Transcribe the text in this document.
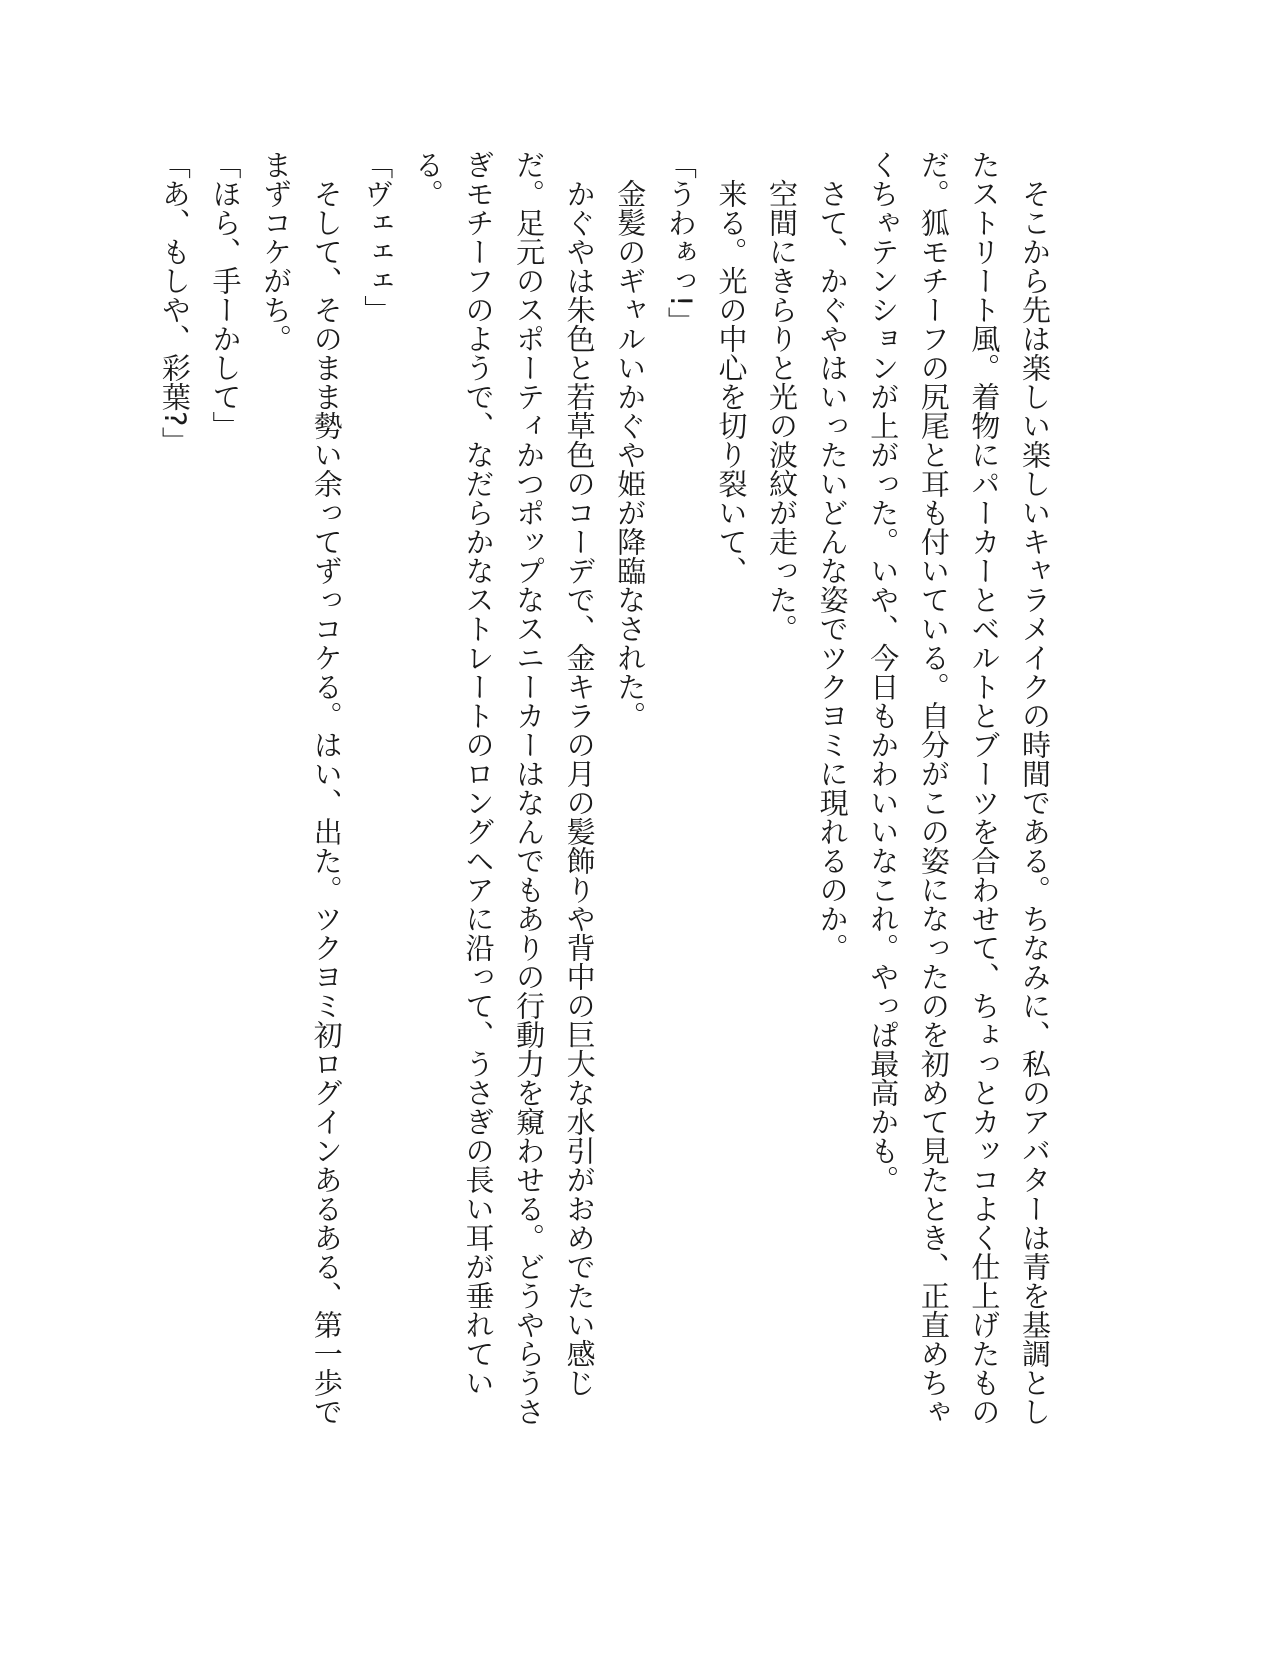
そこから先は楽しい楽しいキャラメイクの時間である。ちなみに、私のアバターは青を基調とし
たストリート風。着物にパーカーとベルトとブーツを合わせて、ちょっとカッコよく仕上げたもの
だ。狐モチーフの尻尾と耳も付いている。自分がこの姿になったのを初めて見たとき、正直めちゃ
くちゃテンションが上がった。いや、今日もかわいいなこれ。やっぱ最高かも。
さて、かぐやはいったいどんな姿でツクヨミに現れるのか。
空間にきらりと光の波紋が走った。
来る。光の中心を切り裂いて、
「うわぁっ!」
金髪のギャルいかぐや姫が降臨なされた。
かぐやは朱色と若草色のコーデで、金キラの月の髪飾りや背中の巨大な水引がおめでたい感じ
だ。足元のスポーティかつポップなスニーカーはなんでもありの行動力を窺わせる。どうやらうさ
ぎモチーフのようで、なだらかなストレートのロングヘアに沿って、うさぎの長い耳が垂れてい
る。
「ヴェェェ」
そして、そのまま勢い余ってずっコケる。はい、出た。ツクヨミ初ログインあるある、第一歩で
まずコケがち。
「ほら、手ーかして」
「あ、もしや、彩葉?」
